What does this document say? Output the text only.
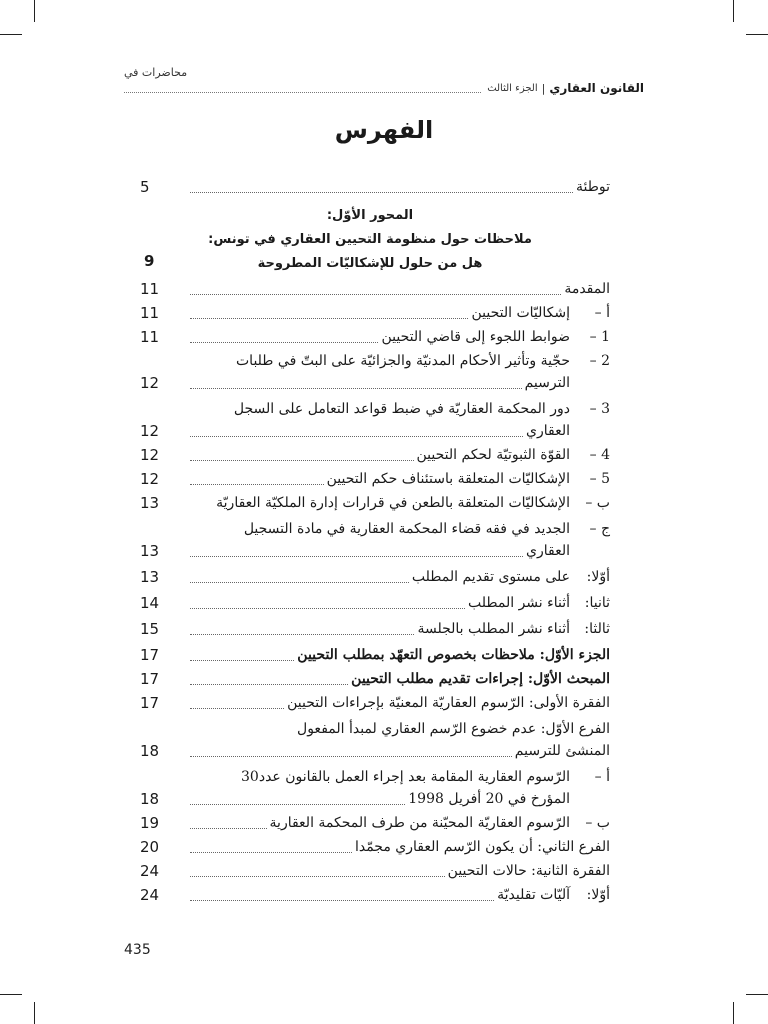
محاضرات في
القانون العقاري
|
الجزء الثالث
الفهرس
المحور الأوّل:
ملاحظات حول منظومة التحيين العقاري في تونس:
هل من حلول للإشكاليّات المطروحة
9
توطئة
5
المقدمة
11
أ –
إشكاليّات التحيين
11
1 –
ضوابط اللجوء إلى قاضي التحيين
11
2 –
حجّية وتأثير الأحكام المدنيّة والجزائيّة على البتّ في طلبات
الترسيم
12
3 –
دور المحكمة العقاريّة في ضبط قواعد التعامل على السجل
العقاري
12
4 –
القوّة الثبوتيّة لحكم التحيين
12
5 –
الإشكاليّات المتعلقة باستئناف حكم التحيين
12
ب –
الإشكاليّات المتعلقة بالطعن في قرارات إدارة الملكيّة العقاريّة
13
ج –
الجديد في فقه قضاء المحكمة العقارية في مادة التسجيل
العقاري
13
أوّلا:
على مستوى تقديم المطلب
13
ثانيا:
أثناء نشر المطلب
14
ثالثا:
أثناء نشر المطلب بالجلسة
15
الجزء الأوّل: ملاحظات بخصوص التعهّد بمطلب التحيين
17
المبحث الأوّل: إجراءات تقديم مطلب التحيين
17
الفقرة الأولى: الرّسوم العقاريّة المعنيّة بإجراءات التحيين
17
الفرع الأوّل: عدم خضوع الرّسم العقاري لمبدأ المفعول
المنشئ للترسيم
18
أ –
الرّسوم العقارية المقامة بعد إجراء العمل بالقانون عدد30
المؤرخ في 20 أفريل 1998
18
ب –
الرّسوم العقاريّة المحيّنة من طرف المحكمة العقارية
19
الفرع الثاني: أن يكون الرّسم العقاري مجمّدا
20
الفقرة الثانية: حالات التحيين
24
أوّلا:
آليّات تقليديّة
24
435
